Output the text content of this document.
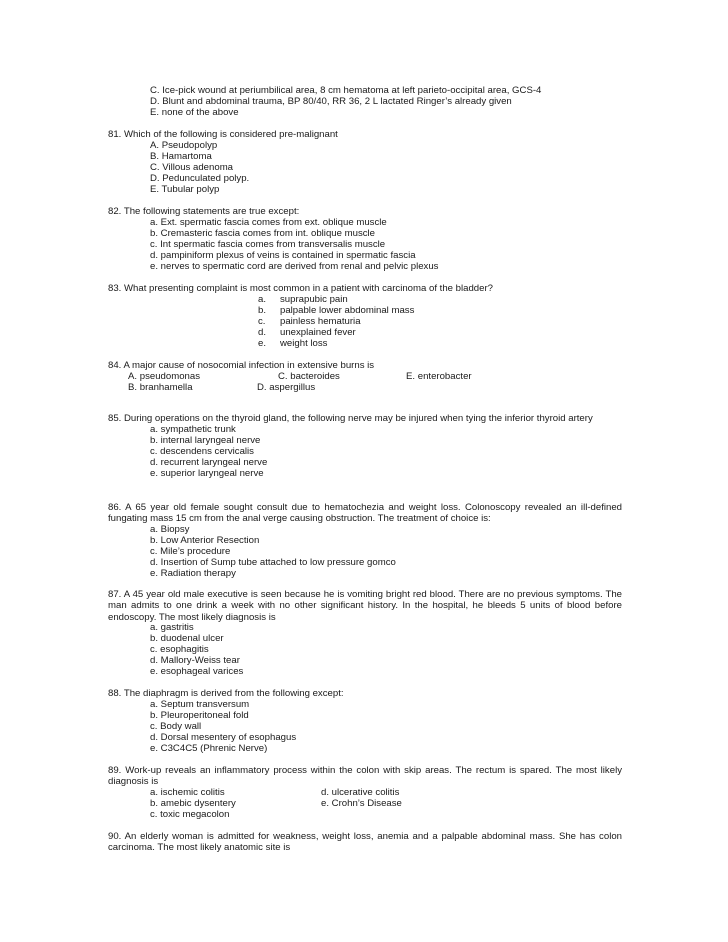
C. Ice-pick wound at periumbilical area, 8 cm hematoma at left parieto-occipital area, GCS-4
D. Blunt and abdominal trauma, BP 80/40, RR 36, 2 L lactated Ringer’s already given
E. none of the above
81. Which of the following is considered pre-malignant
A. Pseudopolyp
B. Hamartoma
C. Villous adenoma
D. Pedunculated polyp.
E. Tubular polyp
82. The following statements are true except:
a. Ext. spermatic fascia comes from ext. oblique muscle
b. Cremasteric fascia comes from int. oblique muscle
c. Int spermatic fascia comes from transversalis muscle
d. pampiniform plexus of veins is contained in spermatic fascia
e. nerves to spermatic cord are derived from renal and pelvic plexus
83. What presenting complaint is most common in a patient with carcinoma of the bladder?
a. suprapubic pain
b. palpable lower abdominal mass
c. painless hematuria
d. unexplained fever
e. weight loss
84. A major cause of nosocomial infection in extensive burns is
A. pseudomonas	C. bacteroides	E. enterobacter
B. branhamella	D. aspergillus
85. During operations on the thyroid gland, the following nerve may be injured when tying the inferior thyroid artery
a. sympathetic trunk
b. internal laryngeal nerve
c. descendens cervicalis
d. recurrent laryngeal nerve
e. superior laryngeal nerve
86. A 65 year old female sought consult due to hematochezia and weight loss. Colonoscopy revealed an ill-defined fungating mass 15 cm from the anal verge causing obstruction. The treatment of choice is:
a. Biopsy
b. Low Anterior Resection
c. Mile’s procedure
d. Insertion of Sump tube attached to low pressure gomco
e. Radiation therapy
87. A 45 year old male executive is seen because he is vomiting bright red blood. There are no previous symptoms. The man admits to one drink a week with no other significant history. In the hospital, he bleeds 5 units of blood before endoscopy. The most likely diagnosis is
a. gastritis
b. duodenal ulcer
c. esophagitis
d. Mallory-Weiss tear
e. esophageal varices
88. The diaphragm is derived from the following except:
a. Septum transversum
b. Pleuroperitoneal fold
c. Body wall
d. Dorsal mesentery of esophagus
e. C3C4C5 (Phrenic Nerve)
89. Work-up reveals an inflammatory process within the colon with skip areas. The rectum is spared. The most likely diagnosis is
a. ischemic colitis	d. ulcerative colitis
b. amebic dysentery	e. Crohn’s Disease
c. toxic megacolon
90. An elderly woman is admitted for weakness, weight loss, anemia and a palpable abdominal mass. She has colon carcinoma. The most likely anatomic site is
